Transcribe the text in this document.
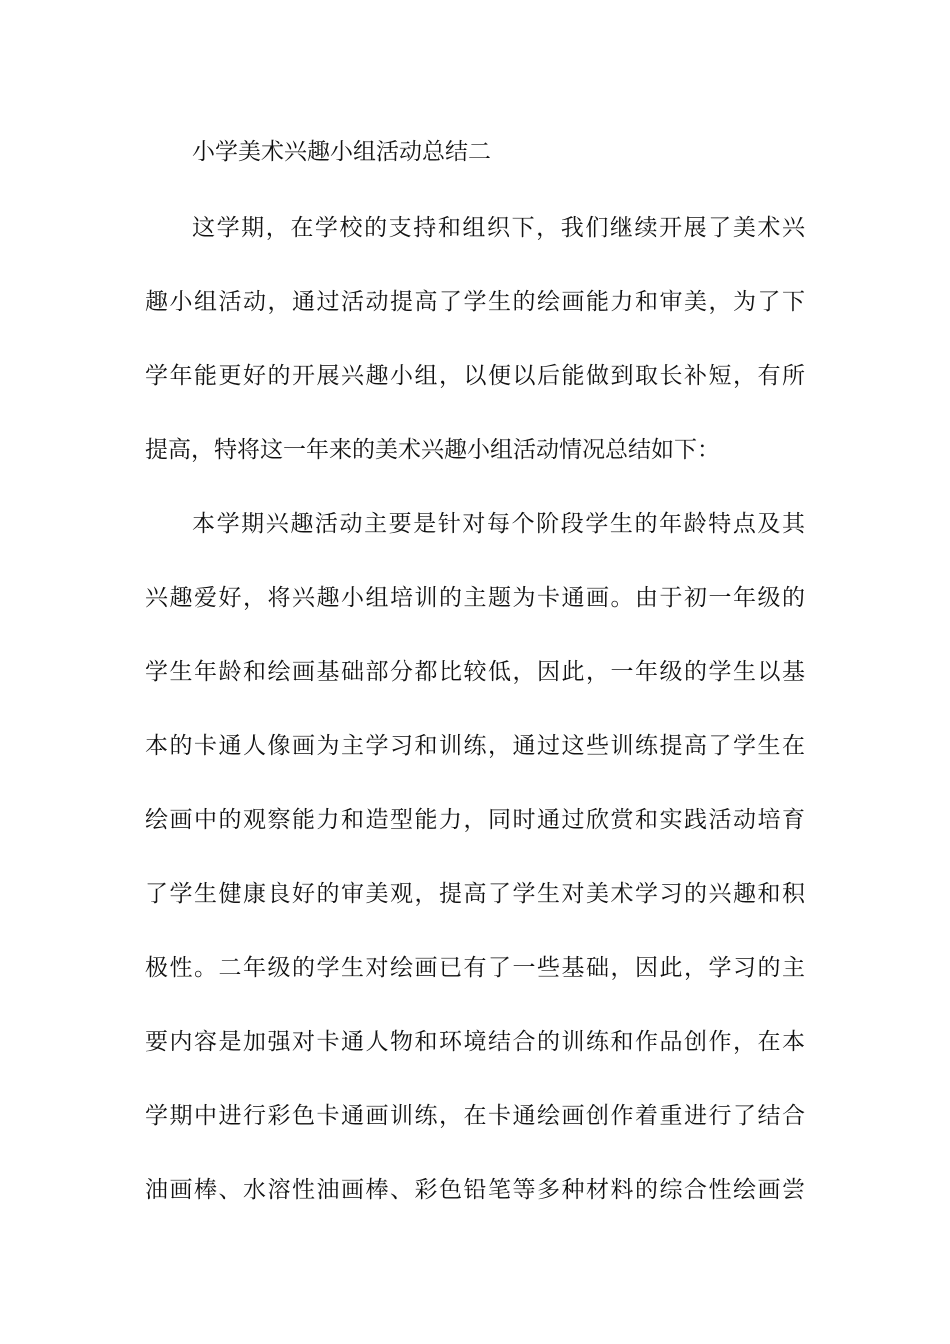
小学美术兴趣小组活动总结二
这学期，在学校的支持和组织下，我们继续开展了美术兴
趣小组活动，通过活动提高了学生的绘画能力和审美，为了下
学年能更好的开展兴趣小组，以便以后能做到取长补短，有所
提高，特将这一年来的美术兴趣小组活动情况总结如下：
本学期兴趣活动主要是针对每个阶段学生的年龄特点及其
兴趣爱好，将兴趣小组培训的主题为卡通画。由于初一年级的
学生年龄和绘画基础部分都比较低，因此，一年级的学生以基
本的卡通人像画为主学习和训练，通过这些训练提高了学生在
绘画中的观察能力和造型能力，同时通过欣赏和实践活动培育
了学生健康良好的审美观，提高了学生对美术学习的兴趣和积
极性。二年级的学生对绘画已有了一些基础，因此，学习的主
要内容是加强对卡通人物和环境结合的训练和作品创作，在本
学期中进行彩色卡通画训练，在卡通绘画创作着重进行了结合
油画棒、水溶性油画棒、彩色铅笔等多种材料的综合性绘画尝
